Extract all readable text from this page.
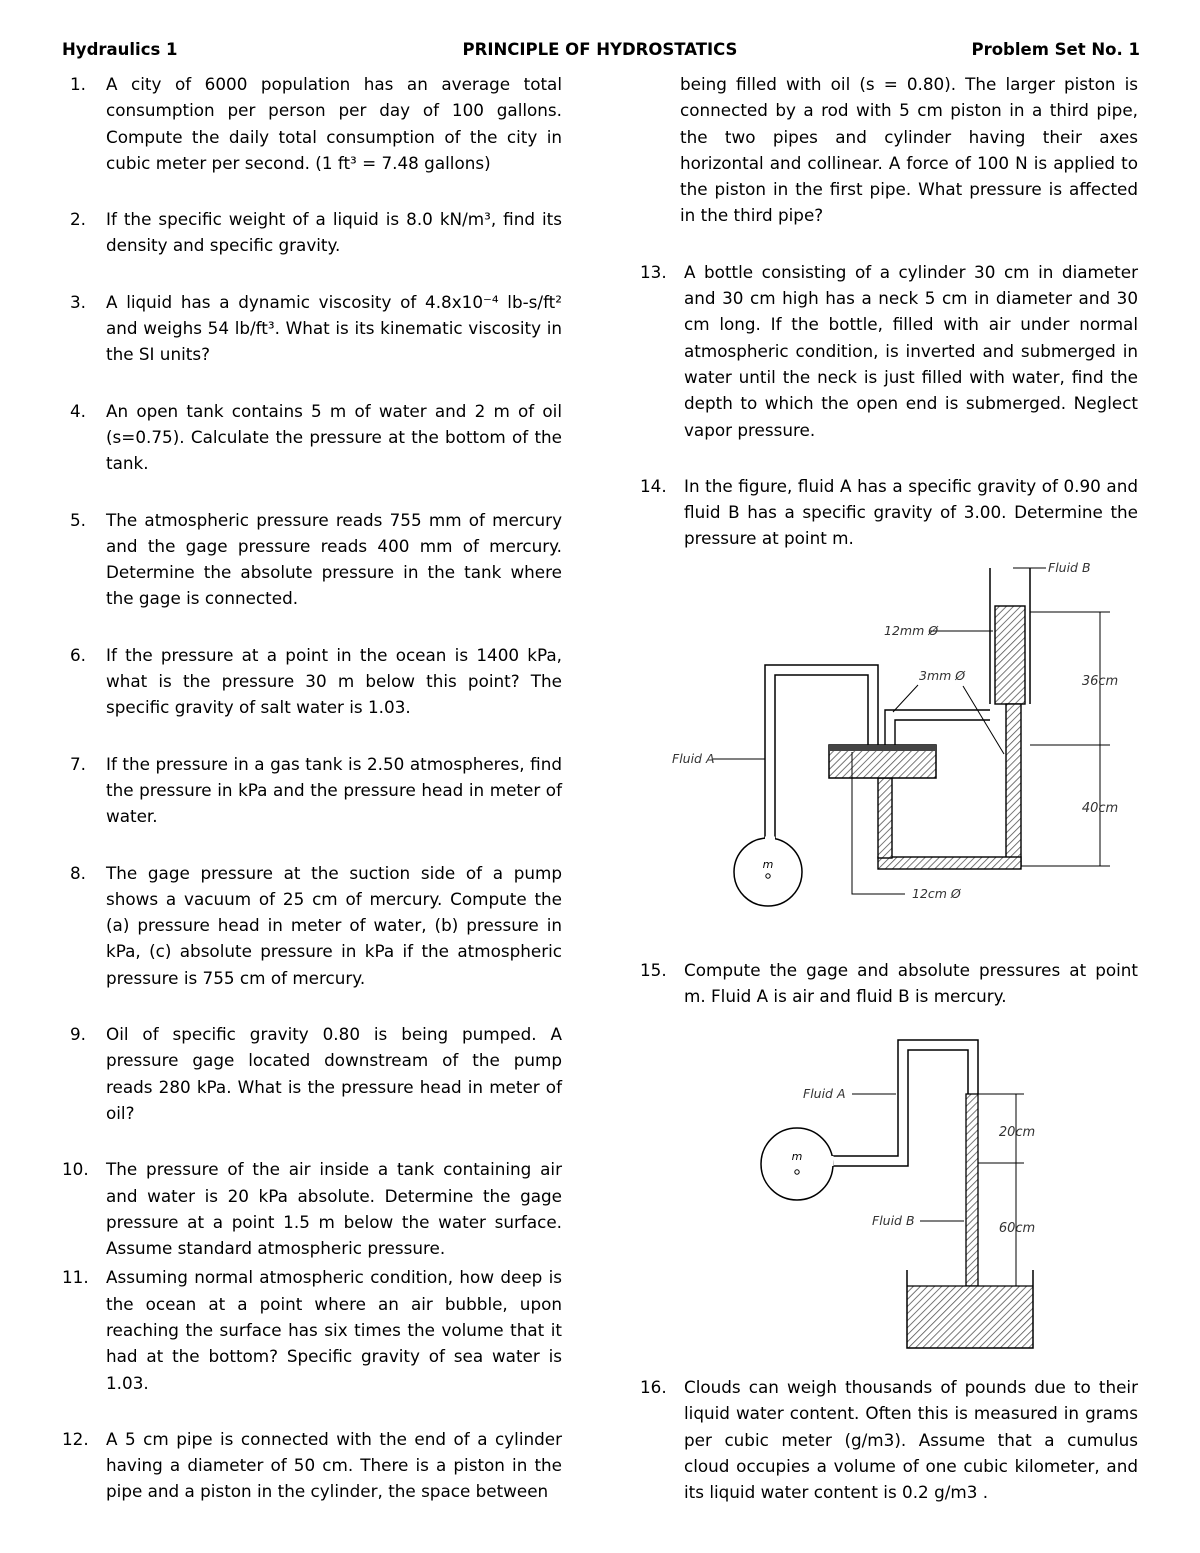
Hydraulics 1	PRINCIPLE OF HYDROSTATICS	Problem Set No. 1
1. A city of 6000 population has an average total consumption per person per day of 100 gallons. Compute the daily total consumption of the city in cubic meter per second. (1 ft³ = 7.48 gallons)
2. If the specific weight of a liquid is 8.0 kN/m³, find its density and specific gravity.
3. A liquid has a dynamic viscosity of 4.8x10⁻⁴ lb-s/ft² and weighs 54 lb/ft³. What is its kinematic viscosity in the SI units?
4. An open tank contains 5 m of water and 2 m of oil (s=0.75). Calculate the pressure at the bottom of the tank.
5. The atmospheric pressure reads 755 mm of mercury and the gage pressure reads 400 mm of mercury. Determine the absolute pressure in the tank where the gage is connected.
6. If the pressure at a point in the ocean is 1400 kPa, what is the pressure 30 m below this point? The specific gravity of salt water is 1.03.
7. If the pressure in a gas tank is 2.50 atmospheres, find the pressure in kPa and the pressure head in meter of water.
8. The gage pressure at the suction side of a pump shows a vacuum of 25 cm of mercury. Compute the (a) pressure head in meter of water, (b) pressure in kPa, (c) absolute pressure in kPa if the atmospheric pressure is 755 cm of mercury.
9. Oil of specific gravity 0.80 is being pumped. A pressure gage located downstream of the pump reads 280 kPa. What is the pressure head in meter of oil?
10. The pressure of the air inside a tank containing air and water is 20 kPa absolute. Determine the gage pressure at a point 1.5 m below the water surface. Assume standard atmospheric pressure.
11. Assuming normal atmospheric condition, how deep is the ocean at a point where an air bubble, upon reaching the surface has six times the volume that it had at the bottom? Specific gravity of sea water is 1.03.
12. A 5 cm pipe is connected with the end of a cylinder having a diameter of 50 cm. There is a piston in the pipe and a piston in the cylinder, the space between
being filled with oil (s = 0.80). The larger piston is connected by a rod with 5 cm piston in a third pipe, the two pipes and cylinder having their axes horizontal and collinear. A force of 100 N is applied to the piston in the first pipe. What pressure is affected in the third pipe?
13. A bottle consisting of a cylinder 30 cm in diameter and 30 cm high has a neck 5 cm in diameter and 30 cm long. If the bottle, filled with air under normal atmospheric condition, is inverted and submerged in water until the neck is just filled with water, find the depth to which the open end is submerged. Neglect vapor pressure.
14. In the figure, fluid A has a specific gravity of 0.90 and fluid B has a specific gravity of 3.00. Determine the pressure at point m.
m
36cm
40cm
Fluid B
12mm Ø
3mm Ø
Fluid A
12cm Ø
15. Compute the gage and absolute pressures at point m. Fluid A is air and fluid B is mercury.
m
20cm
60cm
Fluid A
Fluid B
16. Clouds can weigh thousands of pounds due to their liquid water content. Often this is measured in grams per cubic meter (g/m3). Assume that a cumulus cloud occupies a volume of one cubic kilometer, and its liquid water content is 0.2 g/m3 .
